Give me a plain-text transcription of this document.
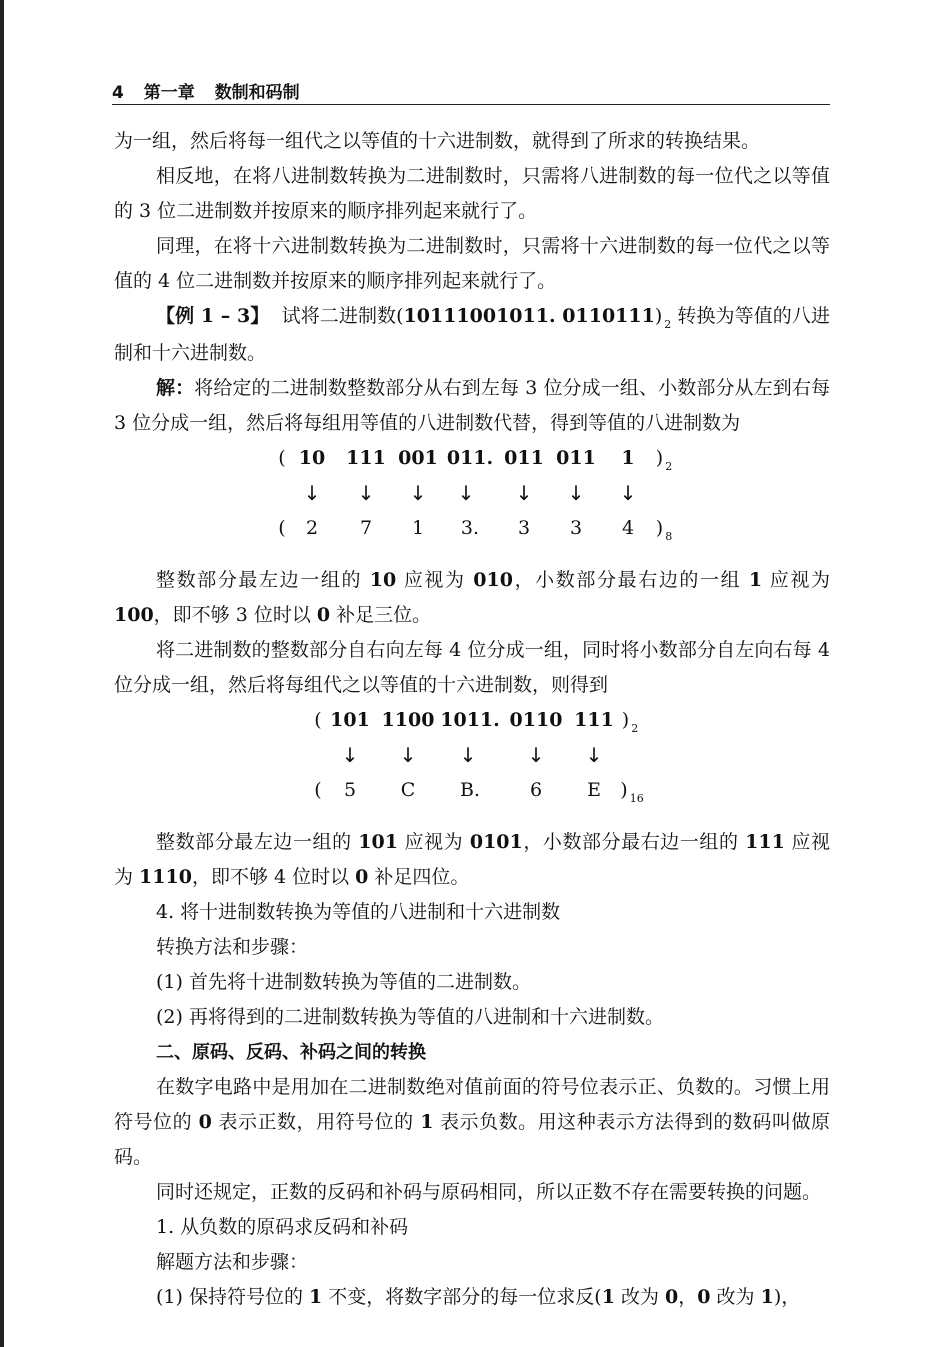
4 第一章 数制和码制

为一组，然后将每一组代之以等值的十六进制数，就得到了所求的转换结果。

相反地，在将八进制数转换为二进制数时，只需将八进制数的每一位代之以等值的 3 位二进制数并按原来的顺序排列起来就行了。

同理，在将十六进制数转换为二进制数时，只需将十六进制数的每一位代之以等值的 4 位二进制数并按原来的顺序排列起来就行了。

【例 1 – 3】 试将二进制数(10111001011. 0110111) $_2$ 转换为等值的八进制和十六进制数。

解：将给定的二进制数整数部分从右到左每 3 位分成一组、小数部分从左到右每 3 位分成一组，然后将每组用等值的八进制数代替，得到等值的八进制数为

( 10 111 001 011. 011 011 1 ) $_2$
↓ ↓ ↓ ↓ ↓ ↓ ↓
( 2 7 1 3. 3 3 4 ) $_8$

整数部分最左边一组的 10 应视为 010，小数部分最右边的一组 1 应视为 100，即不够 3 位时以 0 补足三位。

将二进制数的整数部分自右向左每 4 位分成一组，同时将小数部分自左向右每 4 位分成一组，然后将每组代之以等值的十六进制数，则得到

( 101 1100 1011. 0110 111 ) $_2$
↓ ↓ ↓	↓ ↓
( 5 C B.	6 E ) $_{16}$

整数部分最左边一组的 101 应视为 0101，小数部分最右边一组的 111 应视为 1110，即不够 4 位时以 0 补足四位。

4. 将十进制数转换为等值的八进制和十六进制数

转换方法和步骤：

(1) 首先将十进制数转换为等值的二进制数。

(2) 再将得到的二进制数转换为等值的八进制和十六进制数。

二、原码、反码、补码之间的转换

在数字电路中是用加在二进制数绝对值前面的符号位表示正、负数的。习惯上用符号位的 0 表示正数，用符号位的 1 表示负数。用这种表示方法得到的数码叫做原码。

同时还规定，正数的反码和补码与原码相同，所以正数不存在需要转换的问题。

1. 从负数的原码求反码和补码

解题方法和步骤：

(1) 保持符号位的 1 不变，将数字部分的每一位求反(1 改为 0，0 改为 1)，
